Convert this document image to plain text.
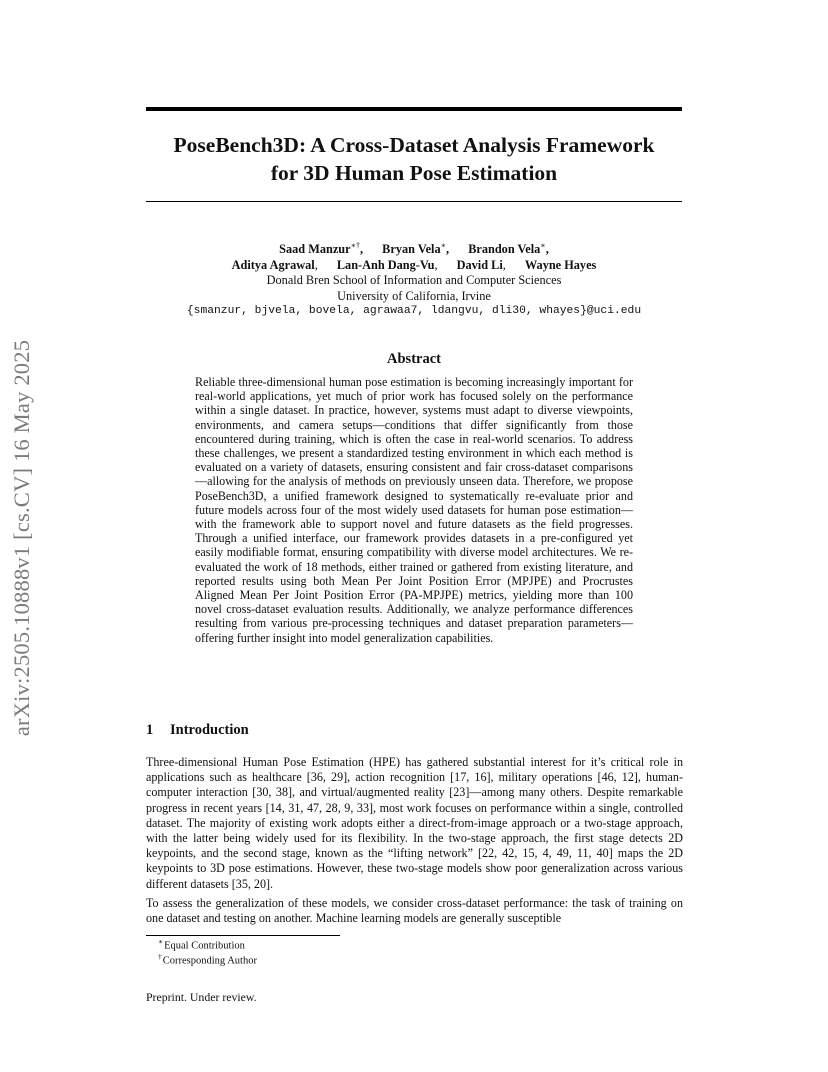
arXiv:2505.10888v1 [cs.CV] 16 May 2025
PoseBench3D: A Cross-Dataset Analysis Framework
for 3D Human Pose Estimation
Saad Manzur∗†, Bryan Vela∗, Brandon Vela∗,
Aditya Agrawal, Lan-Anh Dang-Vu, David Li, Wayne Hayes
Donald Bren School of Information and Computer Sciences
University of California, Irvine
{smanzur, bjvela, bovela, agrawaa7, ldangvu, dli30, whayes}@uci.edu
Abstract
Reliable three-dimensional human pose estimation is becoming increasingly important for real-world applications, yet much of prior work has focused solely on the performance within a single dataset. In practice, however, systems must adapt to diverse viewpoints, environments, and camera setups—conditions that differ significantly from those encountered during training, which is often the case in real-world scenarios. To address these challenges, we present a standardized testing environment in which each method is evaluated on a variety of datasets, ensuring consistent and fair cross-dataset comparisons—allowing for the analysis of methods on previously unseen data. Therefore, we propose PoseBench3D, a unified framework designed to systematically re-evaluate prior and future models across four of the most widely used datasets for human pose estimation—with the framework able to support novel and future datasets as the field progresses. Through a unified interface, our framework provides datasets in a pre-configured yet easily modifiable format, ensuring compatibility with diverse model architectures. We re-evaluated the work of 18 methods, either trained or gathered from existing literature, and reported results using both Mean Per Joint Position Error (MPJPE) and Procrustes Aligned Mean Per Joint Position Error (PA-MPJPE) metrics, yielding more than 100 novel cross-dataset evaluation results. Additionally, we analyze performance differences resulting from various pre-processing techniques and dataset preparation parameters—offering further insight into model generalization capabilities.
1 Introduction
Three-dimensional Human Pose Estimation (HPE) has gathered substantial interest for it’s critical role in applications such as healthcare [36, 29], action recognition [17, 16], military operations [46, 12], human-computer interaction [30, 38], and virtual/augmented reality [23]—among many others. Despite remarkable progress in recent years [14, 31, 47, 28, 9, 33], most work focuses on performance within a single, controlled dataset. The majority of existing work adopts either a direct-from-image approach or a two-stage approach, with the latter being widely used for its flexibility. In the two-stage approach, the first stage detects 2D keypoints, and the second stage, known as the “lifting network” [22, 42, 15, 4, 49, 11, 40] maps the 2D keypoints to 3D pose estimations. However, these two-stage models show poor generalization across various different datasets [35, 20].
To assess the generalization of these models, we consider cross-dataset performance: the task of training on one dataset and testing on another. Machine learning models are generally susceptible
∗Equal Contribution
†Corresponding Author
Preprint. Under review.
